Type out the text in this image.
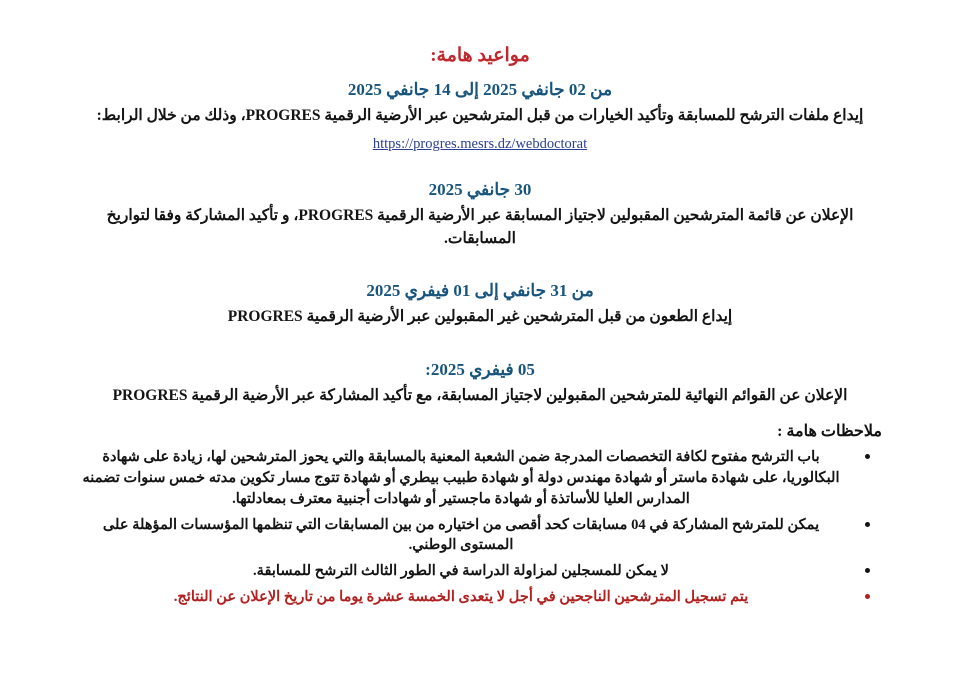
مواعيد هامة:
من 02 جانفي 2025 إلى 14 جانفي 2025
إيداع ملفات الترشح للمسابقة وتأكيد الخيارات من قبل المترشحين عبر الأرضية الرقمية PROGRES، وذلك من خلال الرابط:
https://progres.mesrs.dz/webdoctorat
30 جانفي 2025
الإعلان عن قائمة المترشحين المقبولين لاجتياز المسابقة عبر الأرضية الرقمية PROGRES، و تأكيد المشاركة وفقا لتواريخ المسابقات.
من 31 جانفي إلى 01 فيفري 2025
إيداع الطعون من قبل المترشحين غير المقبولين عبر الأرضية الرقمية PROGRES
05 فيفري 2025:
الإعلان عن القوائم النهائية للمترشحين المقبولين لاجتياز المسابقة، مع تأكيد المشاركة عبر الأرضية الرقمية PROGRES
ملاحظات هامة :
باب الترشح مفتوح لكافة التخصصات المدرجة ضمن الشعبة المعنية بالمسابقة والتي يحوز المترشحين لها، زيادة على شهادة البكالوريا، على شهادة ماستر أو شهادة مهندس دولة أو شهادة طبيب بيطري أو شهادة تتوج مسار تكوين مدته خمس سنوات تضمنه المدارس العليا للأساتذة أو شهادة ماجستير أو شهادات أجنبية معترف بمعادلتها.
يمكن للمترشح المشاركة في 04 مسابقات كحد أقصى من اختياره من بين المسابقات التي تنظمها المؤسسات المؤهلة على المستوى الوطني.
لا يمكن للمسجلين لمزاولة الدراسة في الطور الثالث الترشح للمسابقة.
يتم تسجيل المترشحين الناجحين في أجل لا يتعدى الخمسة عشرة يوما من تاريخ الإعلان عن النتائج.
